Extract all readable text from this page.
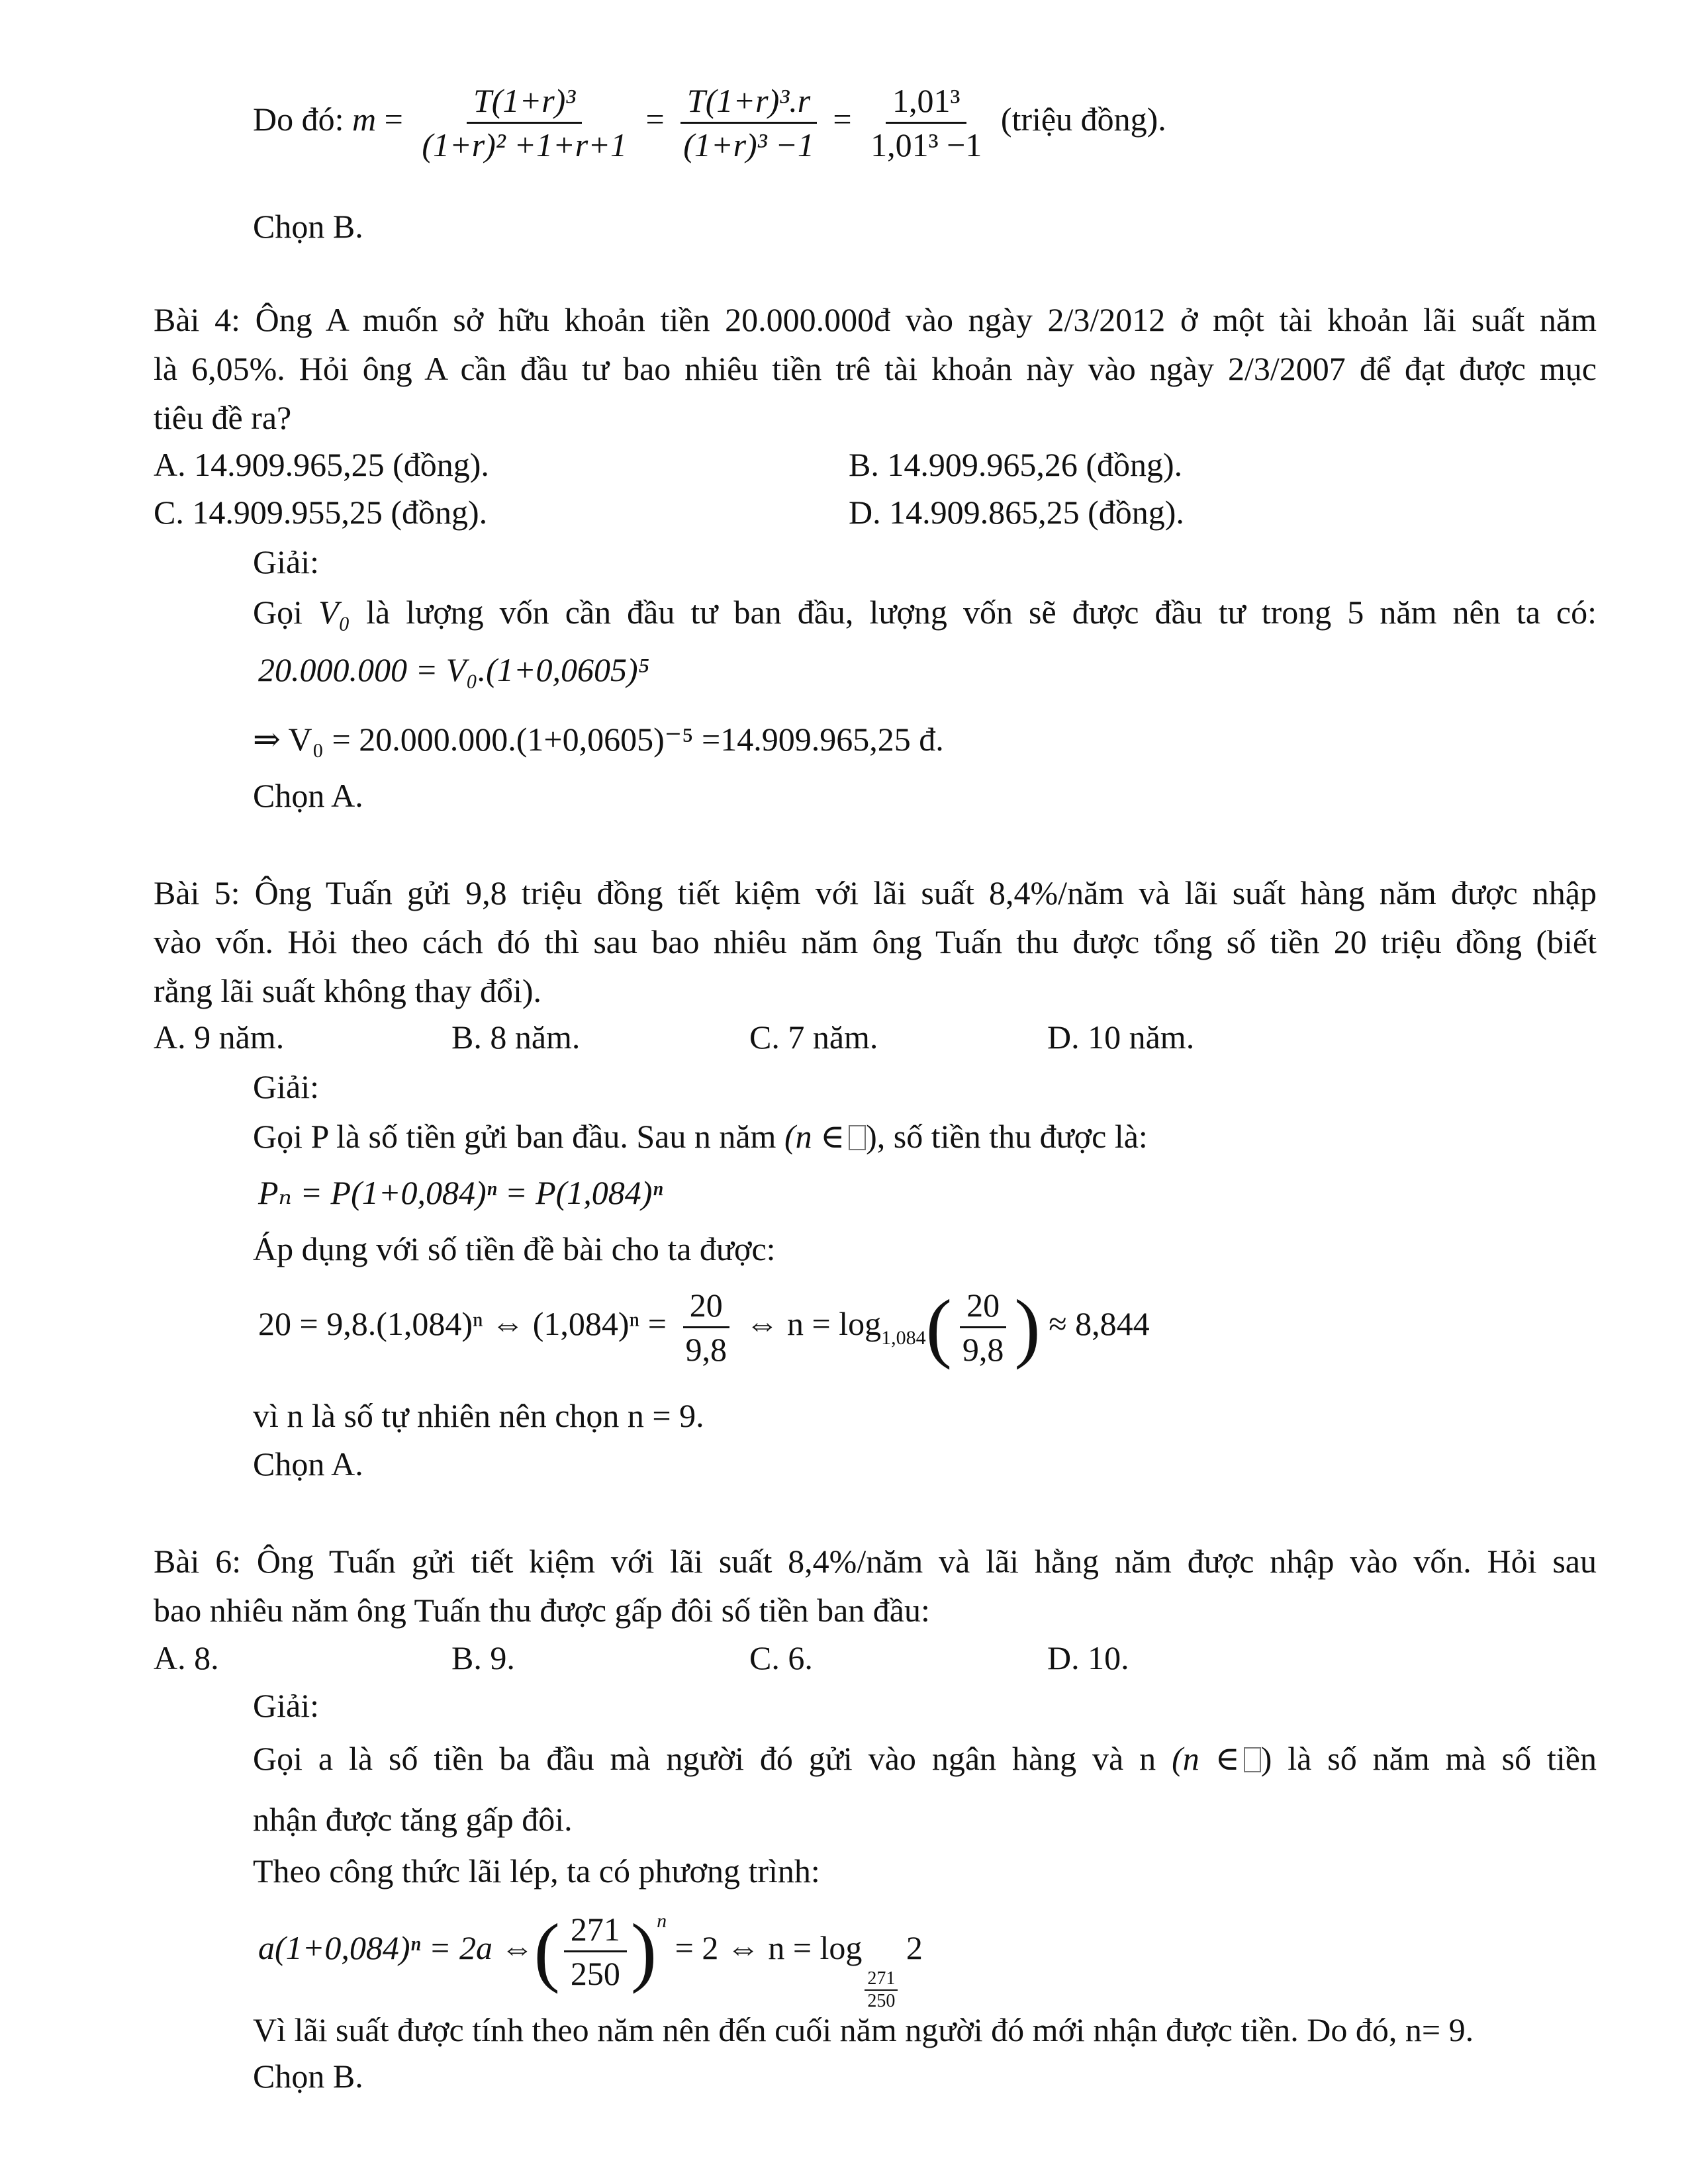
Do đó: $m = \frac{\text{T(1+r)³}}{\text{(1+r)² +1+r+1}} = \frac{\text{T(1+r)³.r}}{\text{(1+r)³ −1}} = \frac{\text{1,01³}}{\text{1,01³ −1}}$ (triệu đồng).
Chọn B.
Bài 4: Ông A muốn sở hữu khoản tiền 20.000.000đ vào ngày 2/3/2012 ở một tài khoản lãi suất năm
là 6,05%. Hỏi ông A cần đầu tư bao nhiêu tiền trê tài khoản này vào ngày 2/3/2007 để đạt được mục
tiêu đề ra?
A. 14.909.965,25 (đồng).	B. 14.909.965,26 (đồng).
C. 14.909.955,25 (đồng).	D. 14.909.865,25 (đồng).
Giải:
Gọi V₀ là lượng vốn cần đầu tư ban đầu, lượng vốn sẽ được đầu tư trong 5 năm nên ta có:
20.000.000 = V₀.(1+0,0605)⁵
⇒ V₀ = 20.000.000.(1+0,0605)⁻⁵ =14.909.965,25 đ.
Chọn A.
Bài 5: Ông Tuấn gửi 9,8 triệu đồng tiết kiệm với lãi suất 8,4%/năm và lãi suất hàng năm được nhập
vào vốn. Hỏi theo cách đó thì sau bao nhiêu năm ông Tuấn thu được tổng số tiền 20 triệu đồng (biết
rằng lãi suất không thay đổi).
A. 9 năm.	B. 8 năm.	C. 7 năm.	D. 10 năm.
Giải:
Gọi P là số tiền gửi ban đầu. Sau n năm (n ∈ ), số tiền thu được là:
Pₙ = P(1+0,084)ⁿ = P(1,084)ⁿ
Áp dụng với số tiền đề bài cho ta được:
20 = 9,8.(1,084)ⁿ ⇔ $(1,084)^n = \frac{20}{9,8}$ ⇔ $n = \log_{1,084}( \frac{20}{9,8}$ ) ≈ 8,844
vì n là số tự nhiên nên chọn n = 9.
Chọn A.
Bài 6: Ông Tuấn gửi tiết kiệm với lãi suất 8,4%/năm và lãi hằng năm được nhập vào vốn. Hỏi sau
bao nhiêu năm ông Tuấn thu được gấp đôi số tiền ban đầu:
A. 8.	B. 9.	C. 6.	D. 10.
Giải:
Gọi a là số tiền ba đầu mà người đó gửi vào ngân hàng và n (n ∈ ) là số năm mà số tiền
nhận được tăng gấp đôi.
Theo công thức lãi lép, ta có phương trình:
a(1+0,084)ⁿ = 2a ⇔( $\frac{271}{250} )^n = 2$ ⇔ n = log
$\frac{271}{250}$
2
Vì lãi suất được tính theo năm nên đến cuối năm người đó mới nhận được tiền. Do đó, n= 9.
Chọn B.
